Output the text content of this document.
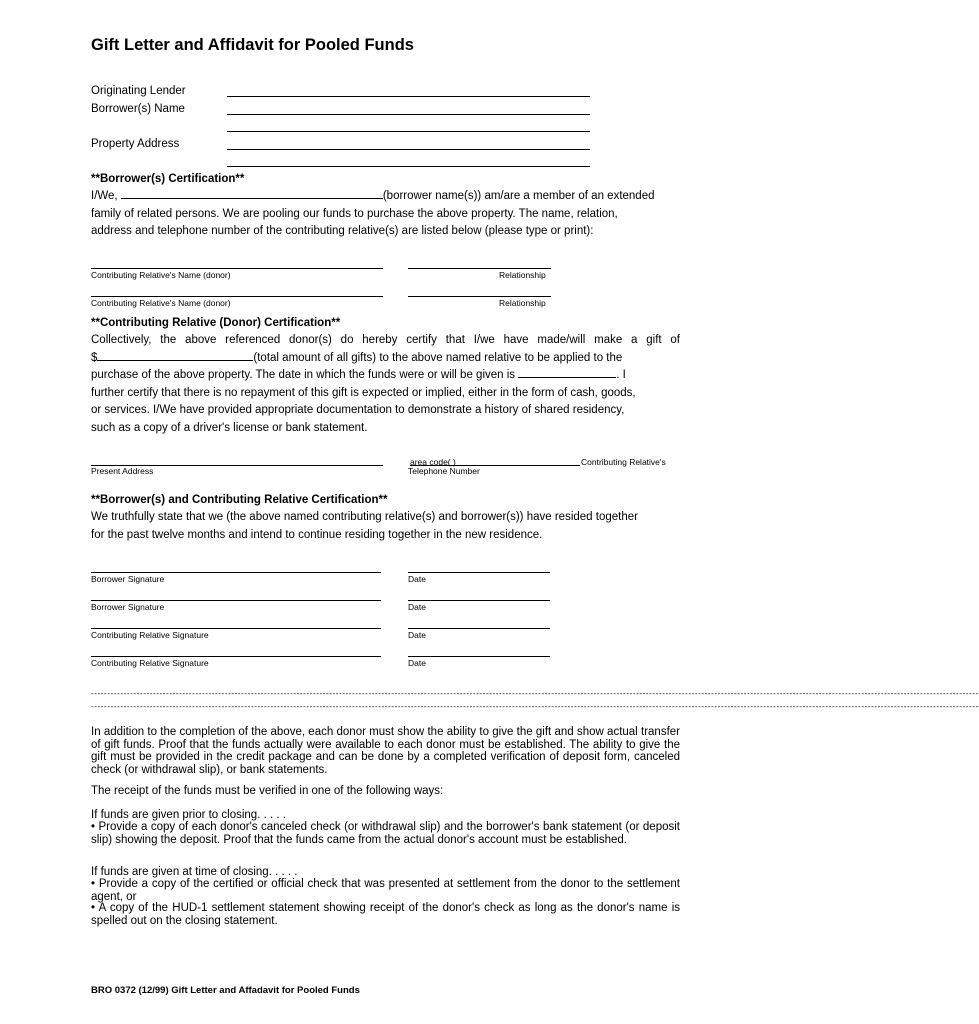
Gift Letter and Affidavit for Pooled Funds
Originating Lender
Borrower(s) Name
Property Address
**Borrower(s) Certification**
I/We,	(borrower name(s)) am/are a member of an extended
family of related persons. We are pooling our funds to purchase the above property. The name, relation,
address and telephone number of the contributing relative(s) are listed below (please type or print):
Contributing Relative's Name (donor)	Relationship
Contributing Relative's Name (donor)	Relationship
**Contributing Relative (Donor) Certification**
Collectively, the above referenced donor(s) do hereby certify that I/we have made/will make a gift of
$	(total amount of all gifts) to the above named relative to be applied to the
purchase of the above property. The date in which the funds were or will be given is	. I
further certify that there is no repayment of this gift is expected or implied, either in the form of cash, goods,
or services. I/We have provided appropriate documentation to demonstrate a history of shared residency,
such as a copy of a driver's license or bank statement.
Present Address
area code( )	Contributing Relative's
Telephone Number
**Borrower(s) and Contributing Relative Certification**
We truthfully state that we (the above named contributing relative(s) and borrower(s)) have resided together
for the past twelve months and intend to continue residing together in the new residence.
Borrower Signature	Date
Borrower Signature	Date
Contributing Relative Signature	Date
Contributing Relative Signature	Date
--------------------------------------------------------------------------------------------------------------------------------------------------------------------------------------------------------------------------------------------------------------------------------
--------------------------------------------------------------------------------------------------------------------------------------------------------------------------------------------------------------------------------------------------------------------------------
In addition to the completion of the above, each donor must show the ability to give the gift and show actual transfer of gift funds. Proof that the funds actually were available to each donor must be established. The ability to give the gift must be provided in the credit package and can be done by a completed verification of deposit form, canceled check (or withdrawal slip), or bank statements.
The receipt of the funds must be verified in one of the following ways:
If funds are given prior to closing. . . . .
• Provide a copy of each donor's canceled check (or withdrawal slip) and the borrower's bank statement (or deposit slip) showing the deposit. Proof that the funds came from the actual donor's account must be established.
If funds are given at time of closing. . . . .
• Provide a copy of the certified or official check that was presented at settlement from the donor to the settlement agent, or
• A copy of the HUD-1 settlement statement showing receipt of the donor's check as long as the donor's name is spelled out on the closing statement.
BRO 0372 (12/99) Gift Letter and Affadavit for Pooled Funds
